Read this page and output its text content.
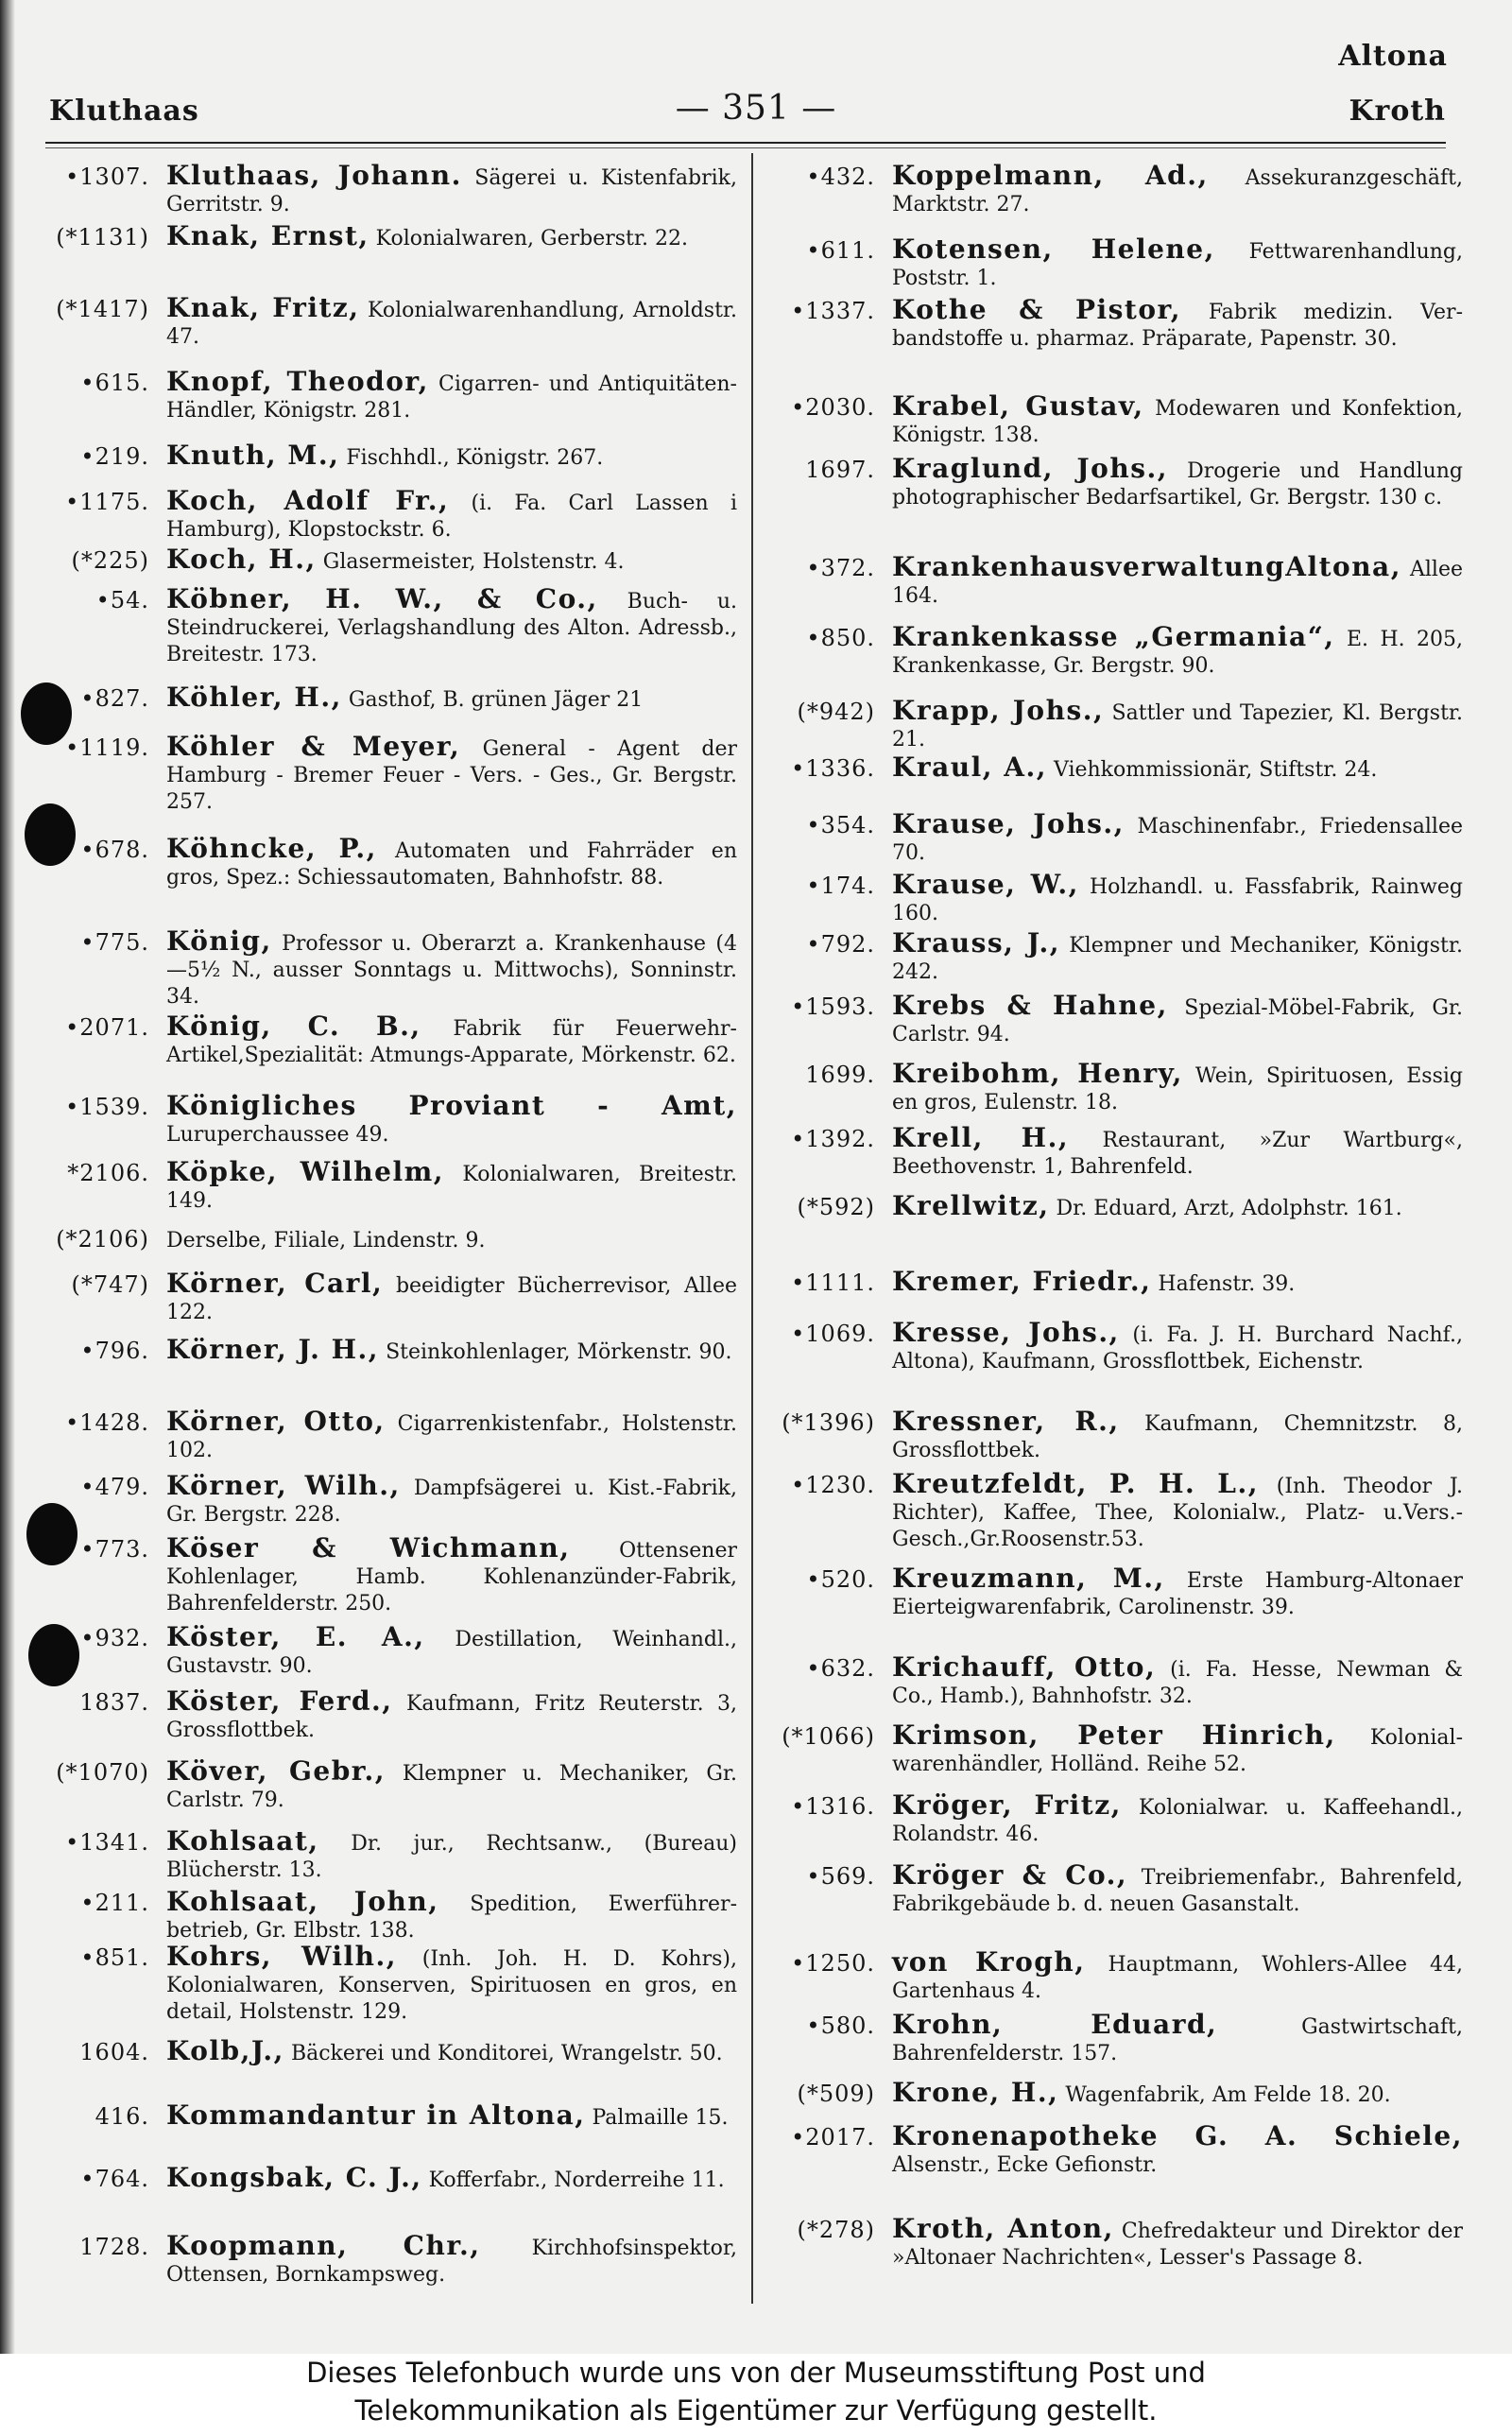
Altona
Kluthaas	— 351 —	Kroth
•1307. Kluthaas, Johann. Sägerei u. Kistenfabrik, Gerritstr. 9.
(*1131) Knak, Ernst, Kolonialwaren, Gerberstr. 22.
(*1417) Knak, Fritz, Kolonialwarenhandlung, Arnoldstr. 47.
•615. Knopf, Theodor, Cigarren- und Antiquitäten-Händler, Königstr. 281.
•219. Knuth, M., Fischhdl., Königstr. 267.
•1175. Koch, Adolf Fr., (i. Fa. Carl Lassen i Hamburg), Klopstockstr. 6.
(*225) Koch, H., Glasermeister, Holstenstr. 4.
•54. Köbner, H. W., & Co., Buch- u. Steindruckerei, Verlagshandlung des Alton. Adressb., Breitestr. 173.
•827. Köhler, H., Gasthof, B. grünen Jäger 21
•1119. Köhler & Meyer, General - Agent der Hamburg - Bremer Feuer - Vers. - Ges., Gr. Bergstr. 257.
•678. Köhncke, P., Automaten und Fahrräder en gros, Spez.: Schiessautomaten, Bahnhofstr. 88.
•775. König, Professor u. Oberarzt a. Krankenhause (4—5½ N., ausser Sonntags u. Mittwochs), Sonninstr. 34.
•2071. König, C. B., Fabrik für Feuerwehr-Artikel,Spezialität: Atmungs-Apparate, Mörkenstr. 62.
•1539. Königliches Proviant - Amt, Luruperchaussee 49.
*2106. Köpke, Wilhelm, Kolonialwaren, Breitestr. 149.
(*2106) Derselbe, Filiale, Lindenstr. 9.
(*747) Körner, Carl, beeidigter Bücherrevisor, Allee 122.
•796. Körner, J. H., Steinkohlenlager, Mörkenstr. 90.
•1428. Körner, Otto, Cigarrenkistenfabr., Holstenstr. 102.
•479. Körner, Wilh., Dampfsägerei u. Kist.-Fabrik, Gr. Bergstr. 228.
•773. Köser & Wichmann, Ottensener Kohlenlager, Hamb. Kohlenanzünder-Fabrik, Bahrenfelderstr. 250.
•932. Köster, E. A., Destillation, Weinhandl., Gustavstr. 90.
1837. Köster, Ferd., Kaufmann, Fritz Reuterstr. 3, Grossflottbek.
(*1070) Köver, Gebr., Klempner u. Mechaniker, Gr. Carlstr. 79.
•1341. Kohlsaat, Dr. jur., Rechtsanw., (Bureau) Blücherstr. 13.
•211. Kohlsaat, John, Spedition, Ewerführerbetrieb, Gr. Elbstr. 138.
•851. Kohrs, Wilh., (Inh. Joh. H. D. Kohrs), Kolonialwaren, Konserven, Spirituosen en gros, en detail, Holstenstr. 129.
1604. Kolb,J., Bäckerei und Konditorei, Wrangelstr. 50.
416. Kommandantur in Altona, Palmaille 15.
•764. Kongsbak, C. J., Kofferfabr., Norderreihe 11.
1728. Koopmann, Chr., Kirchhofsinspektor, Ottensen, Bornkampsweg.
•432. Koppelmann, Ad., Assekuranzgeschäft, Marktstr. 27.
•611. Kotensen, Helene, Fettwarenhandlung, Poststr. 1.
•1337. Kothe & Pistor, Fabrik medizin. Verbandstoffe u. pharmaz. Präparate, Papenstr. 30.
•2030. Krabel, Gustav, Modewaren und Konfektion, Königstr. 138.
1697. Kraglund, Johs., Drogerie und Handlung photographischer Bedarfsartikel, Gr. Bergstr. 130 c.
•372. KrankenhausverwaltungAltona, Allee 164.
•850. Krankenkasse „Germania“, E. H. 205, Krankenkasse, Gr. Bergstr. 90.
(*942) Krapp, Johs., Sattler und Tapezier, Kl. Bergstr. 21.
•1336. Kraul, A., Viehkommissionär, Stiftstr. 24.
•354. Krause, Johs., Maschinenfabr., Friedensallee 70.
•174. Krause, W., Holzhandl. u. Fassfabrik, Rainweg 160.
•792. Krauss, J., Klempner und Mechaniker, Königstr. 242.
•1593. Krebs & Hahne, Spezial-Möbel-Fabrik, Gr. Carlstr. 94.
1699. Kreibohm, Henry, Wein, Spirituosen, Essig en gros, Eulenstr. 18.
•1392. Krell, H., Restaurant, »Zur Wartburg«, Beethovenstr. 1, Bahrenfeld.
(*592) Krellwitz, Dr. Eduard, Arzt, Adolphstr. 161.
•1111. Kremer, Friedr., Hafenstr. 39.
•1069. Kresse, Johs., (i. Fa. J. H. Burchard Nachf., Altona), Kaufmann, Grossflottbek, Eichenstr.
(*1396) Kressner, R., Kaufmann, Chemnitzstr. 8, Grossflottbek.
•1230. Kreutzfeldt, P. H. L., (Inh. Theodor J. Richter), Kaffee, Thee, Kolonialw., Platz- u.Vers.-Gesch.,Gr.Roosenstr.53.
•520. Kreuzmann, M., Erste Hamburg-Altonaer Eierteigwarenfabrik, Carolinenstr. 39.
•632. Krichauff, Otto, (i. Fa. Hesse, Newman & Co., Hamb.), Bahnhofstr. 32.
(*1066) Krimson, Peter Hinrich, Kolonialwarenhändler, Holländ. Reihe 52.
•1316. Kröger, Fritz, Kolonialwar. u. Kaffeehandl., Rolandstr. 46.
•569. Kröger & Co., Treibriemenfabr., Bahrenfeld, Fabrikgebäude b. d. neuen Gasanstalt.
•1250. von Krogh, Hauptmann, Wohlers-Allee 44, Gartenhaus 4.
•580. Krohn, Eduard,	Gastwirtschaft, Bahrenfelderstr. 157.
(*509) Krone, H., Wagenfabrik, Am Felde 18. 20.
•2017. Kronenapotheke G. A. Schiele, Alsenstr., Ecke Gefionstr.
(*278) Kroth, Anton, Chefredakteur und Direktor der »Altonaer Nachrichten«, Lesser's Passage 8.
Dieses Telefonbuch wurde uns von der Museumsstiftung Post und
Telekommunikation als Eigentümer zur Verfügung gestellt.
